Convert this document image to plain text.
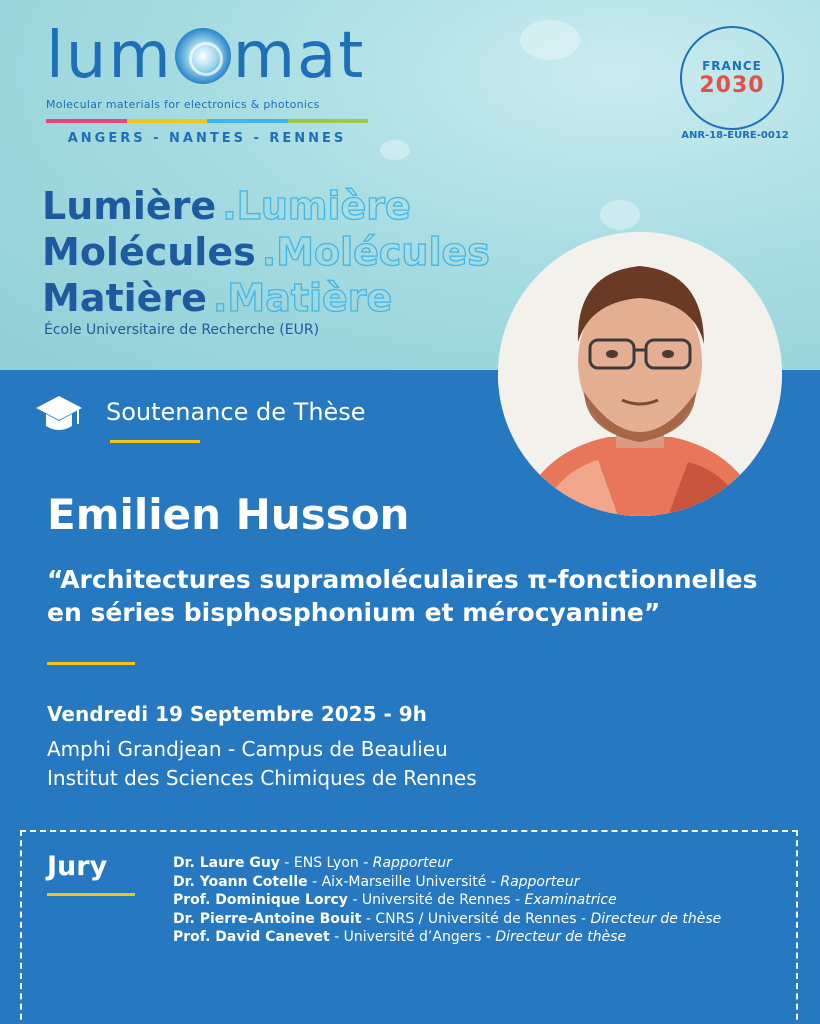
lum mat
Molecular materials for electronics & photonics
ANGERS - NANTES - RENNES
FRANCE
2030
ANR-18-EURE-0012
Lumière .Lumière
Molécules .Molécules
Matière .Matière
École Universitaire de Recherche (EUR)
Soutenance de Thèse
Emilien Husson
“Architectures supramoléculaires π-fonctionnelles en séries bisphosphonium et mérocyanine”
Vendredi 19 Septembre 2025 - 9h
Amphi Grandjean - Campus de Beaulieu
Institut des Sciences Chimiques de Rennes
Jury	Dr. Laure Guy - ENS Lyon - Rapporteur
Dr. Yoann Cotelle - Aix-Marseille Université - Rapporteur
Prof. Dominique Lorcy - Université de Rennes - Examinatrice
Dr. Pierre-Antoine Bouit - CNRS / Université de Rennes - Directeur de thèse
Prof. David Canevet - Université d’Angers - Directeur de thèse
